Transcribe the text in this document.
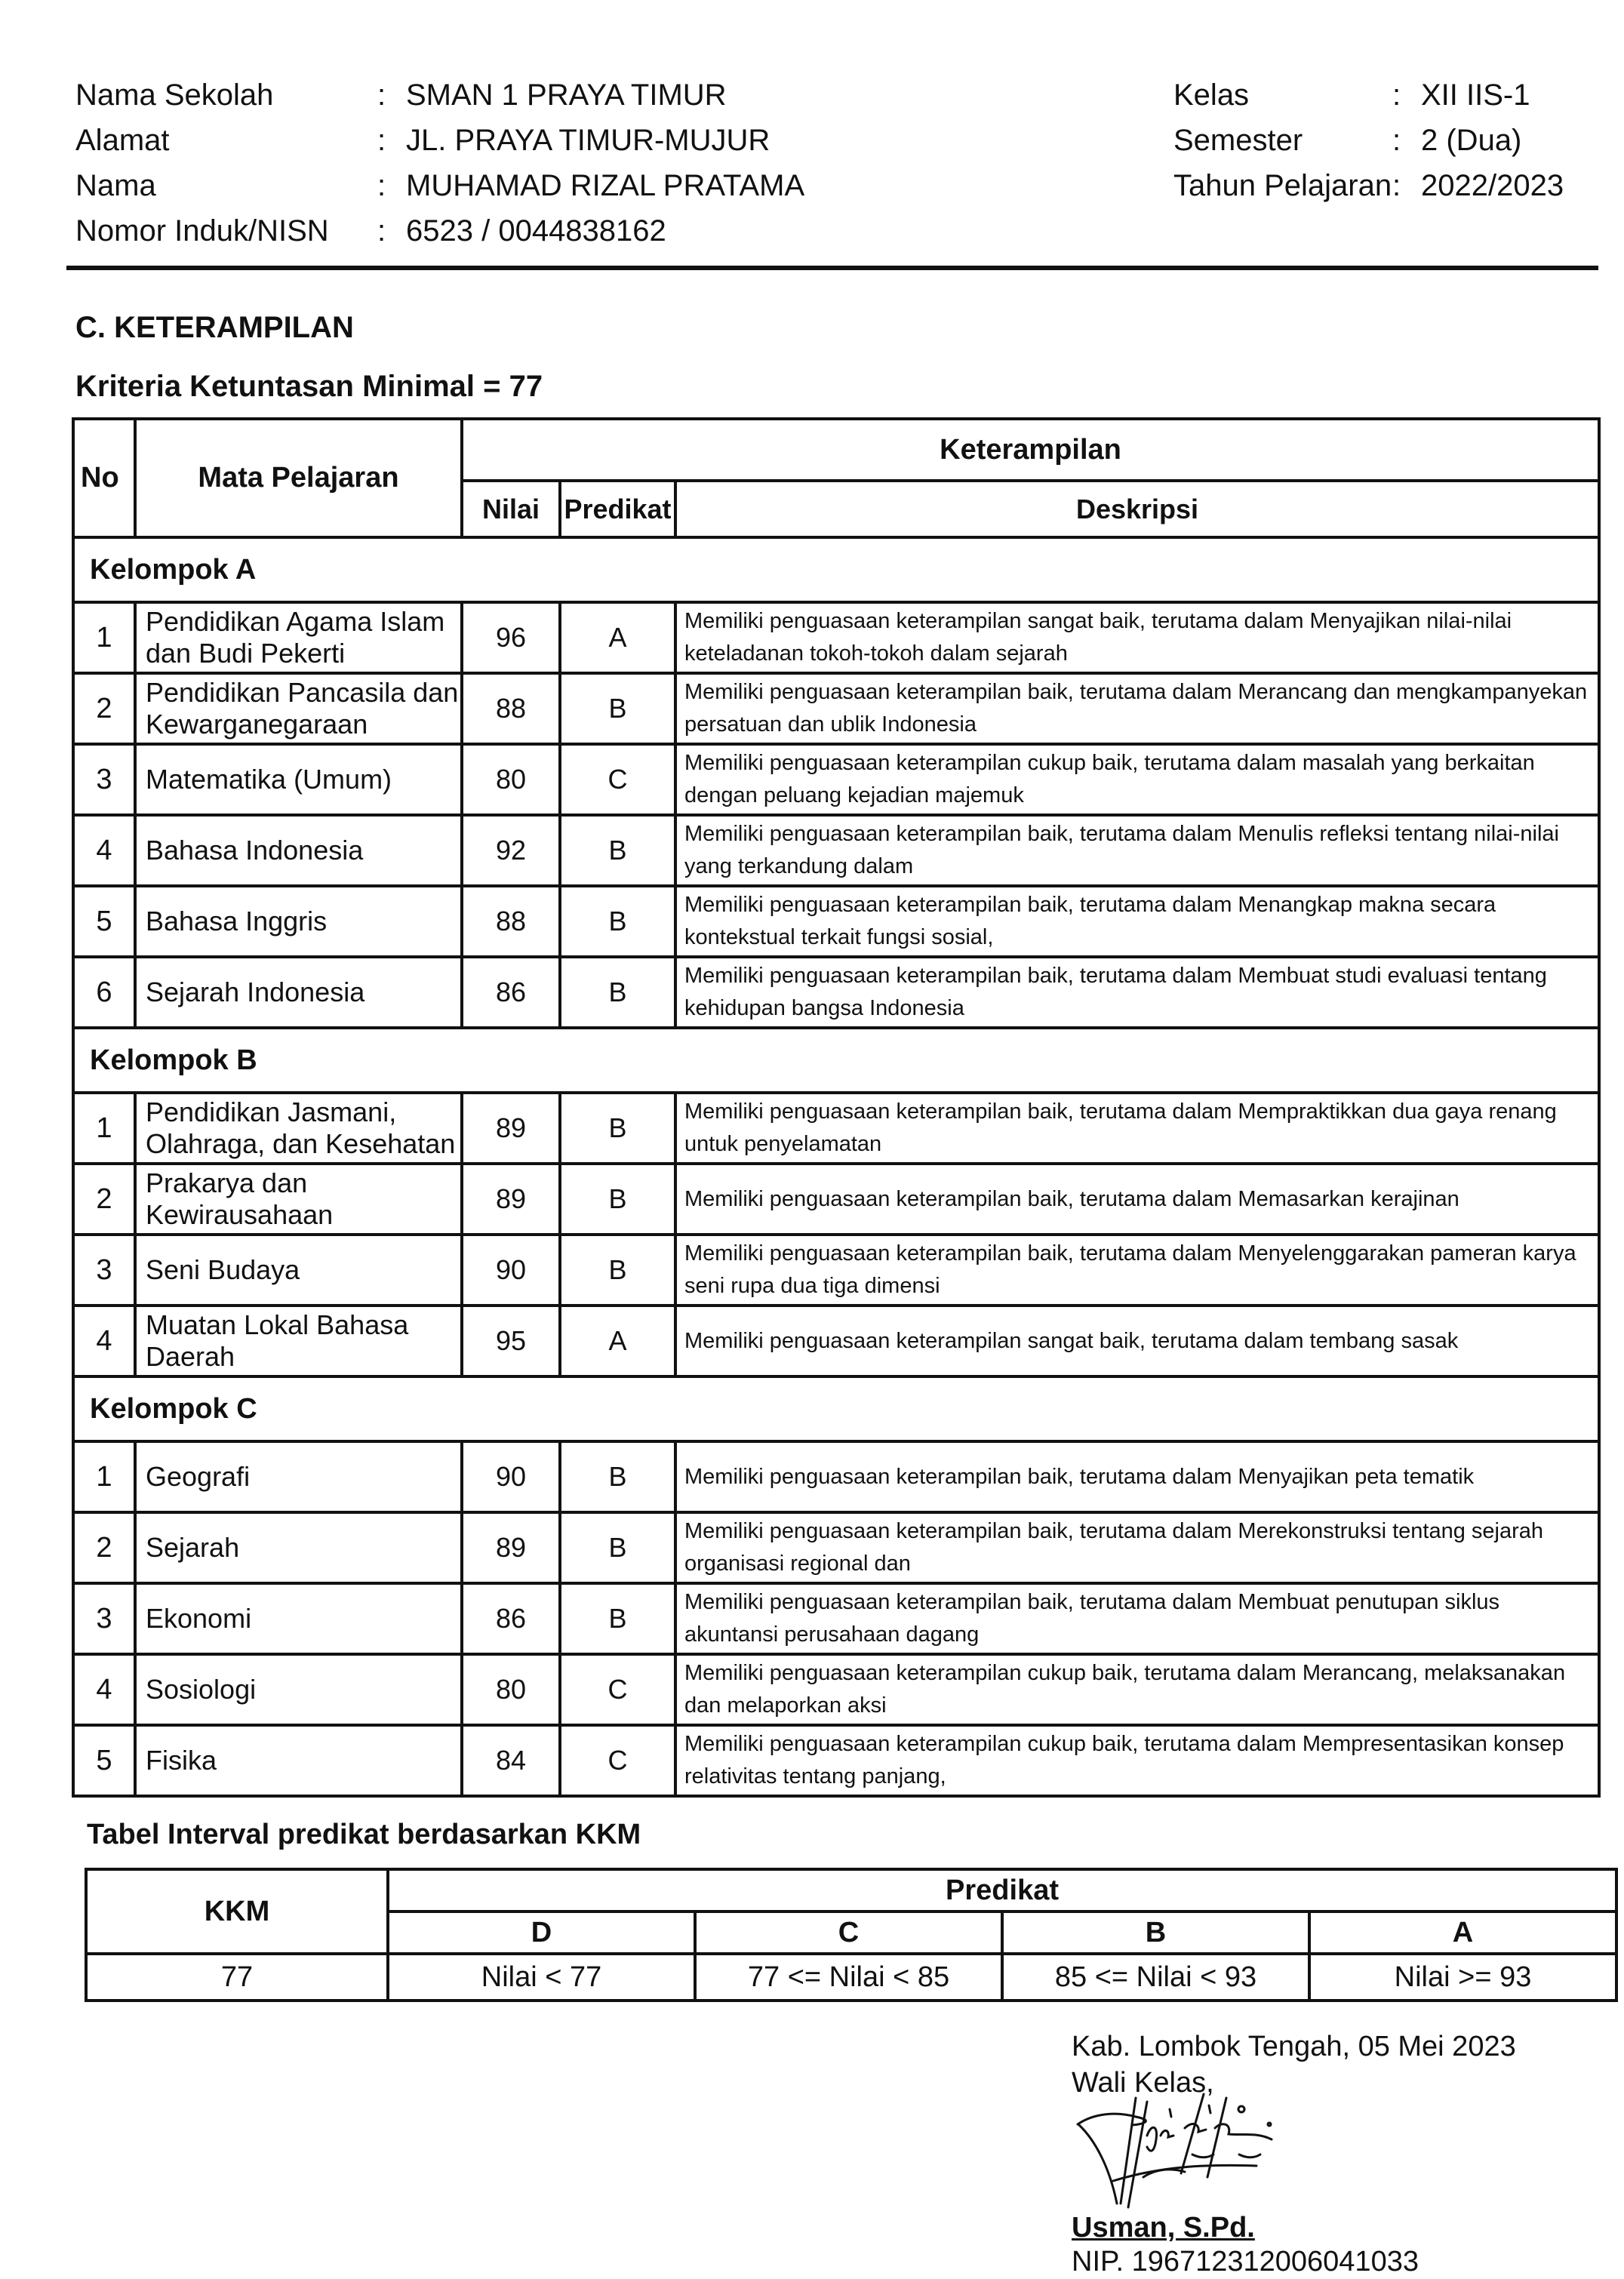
Nama Sekolah	: SMAN 1 PRAYA TIMUR
Alamat	: JL. PRAYA TIMUR-MUJUR
Nama	: MUHAMAD RIZAL PRATAMA
Nomor Induk/NISN	: 6523 / 0044838162
Kelas	: XII IIS-1
Semester	: 2 (Dua)
Tahun Pelajaran : 2022/2023
C. KETERAMPILAN
Kriteria Ketuntasan Minimal = 77
No	Mata Pelajaran	Keterampilan		
		Nilai	Predikat	Deskripsi
Kelompok A				
1	Pendidikan Agama Islam dan Budi Pekerti	96	A	Memiliki penguasaan keterampilan sangat baik, terutama dalam Menyajikan nilai-nilai keteladanan tokoh-tokoh dalam sejarah
2	Pendidikan Pancasila dan Kewarganegaraan	88	B	Memiliki penguasaan keterampilan baik, terutama dalam Merancang dan mengkampanyekan persatuan dan ublik Indonesia
3	Matematika (Umum)	80	C	Memiliki penguasaan keterampilan cukup baik, terutama dalam masalah yang berkaitan dengan peluang kejadian majemuk
4	Bahasa Indonesia	92	B	Memiliki penguasaan keterampilan baik, terutama dalam Menulis refleksi tentang nilai-nilai yang terkandung dalam
5	Bahasa Inggris	88	B	Memiliki penguasaan keterampilan baik, terutama dalam Menangkap makna secara kontekstual terkait fungsi sosial,
6	Sejarah Indonesia	86	B	Memiliki penguasaan keterampilan baik, terutama dalam Membuat studi evaluasi tentang kehidupan bangsa Indonesia
Kelompok B				
1	Pendidikan Jasmani, Olahraga, dan Kesehatan	89	B	Memiliki penguasaan keterampilan baik, terutama dalam Mempraktikkan dua gaya renang untuk penyelamatan
2	Prakarya dan Kewirausahaan	89	B	Memiliki penguasaan keterampilan baik, terutama dalam Memasarkan kerajinan
3	Seni Budaya	90	B	Memiliki penguasaan keterampilan baik, terutama dalam Menyelenggarakan pameran karya seni rupa dua tiga dimensi
4	Muatan Lokal Bahasa Daerah	95	A	Memiliki penguasaan keterampilan sangat baik, terutama dalam tembang sasak
Kelompok C				
1	Geografi	90	B	Memiliki penguasaan keterampilan baik, terutama dalam Menyajikan peta tematik
2	Sejarah	89	B	Memiliki penguasaan keterampilan baik, terutama dalam Merekonstruksi tentang sejarah organisasi regional dan
3	Ekonomi	86	B	Memiliki penguasaan keterampilan baik, terutama dalam Membuat penutupan siklus akuntansi perusahaan dagang
4	Sosiologi	80	C	Memiliki penguasaan keterampilan cukup baik, terutama dalam Merancang, melaksanakan dan melaporkan aksi
5	Fisika	84	C	Memiliki penguasaan keterampilan cukup baik, terutama dalam Mempresentasikan konsep relativitas tentang panjang,
Tabel Interval predikat berdasarkan KKM
KKM	Predikat			
	D	C	B	A
77	Nilai < 77	77 <= Nilai < 85	85 <= Nilai < 93	Nilai >= 93
Kab. Lombok Tengah, 05 Mei 2023
Wali Kelas,
Usman, S.Pd.
NIP. 196712312006041033
